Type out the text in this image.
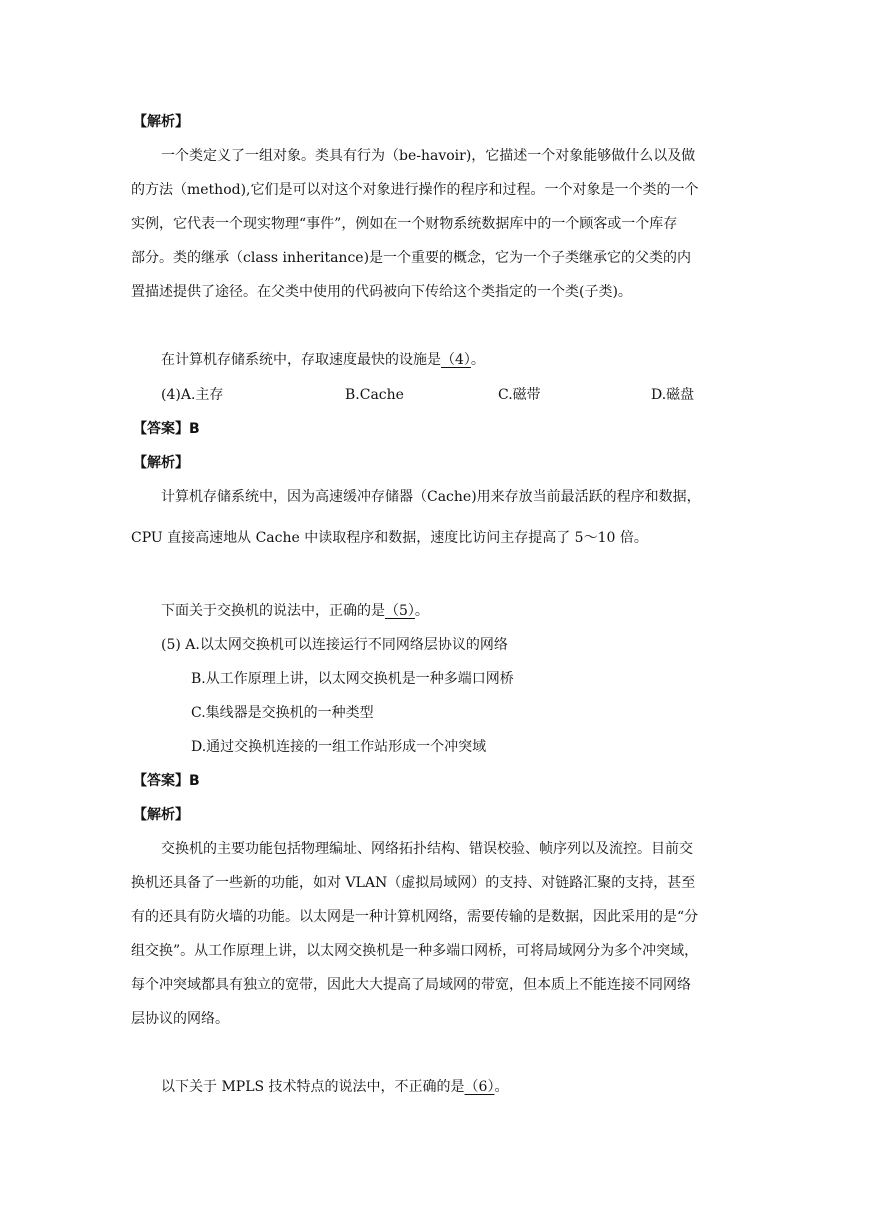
【解析】
一个类定义了一组对象。类具有行为（be-havoir)，它描述一个对象能够做什么以及做
的方法（method),它们是可以对这个对象进行操作的程序和过程。一个对象是一个类的一个
实例，它代表一个现实物理“事件”，例如在一个财物系统数据库中的一个顾客或一个库存
部分。类的继承（class inheritance)是一个重要的概念，它为一个子类继承它的父类的内
置描述提供了途径。在父类中使用的代码被向下传给这个类指定的一个类(子类)。
在计算机存储系统中，存取速度最快的设施是（4）。
(4)A.主存	B.Cache	C.磁带	D.磁盘
【答案】B
【解析】
计算机存储系统中，因为高速缓冲存储器（Cache)用来存放当前最活跃的程序和数据，
CPU 直接高速地从 Cache 中读取程序和数据，速度比访问主存提高了 5～10 倍。
下面关于交换机的说法中，正确的是（5）。
(5) A.以太网交换机可以连接运行不同网络层协议的网络
B.从工作原理上讲，以太网交换机是一种多端口网桥
C.集线器是交换机的一种类型
D.通过交换机连接的一组工作站形成一个冲突域
【答案】B
【解析】
交换机的主要功能包括物理编址、网络拓扑结构、错误校验、帧序列以及流控。目前交
换机还具备了一些新的功能，如对 VLAN（虚拟局域网）的支持、对链路汇聚的支持，甚至
有的还具有防火墙的功能。以太网是一种计算机网络，需要传输的是数据，因此采用的是“分
组交换”。从工作原理上讲，以太网交换机是一种多端口网桥，可将局域网分为多个冲突域，
每个冲突域都具有独立的宽带，因此大大提高了局域网的带宽，但本质上不能连接不同网络
层协议的网络。
以下关于 MPLS 技术特点的说法中，不正确的是（6）。
